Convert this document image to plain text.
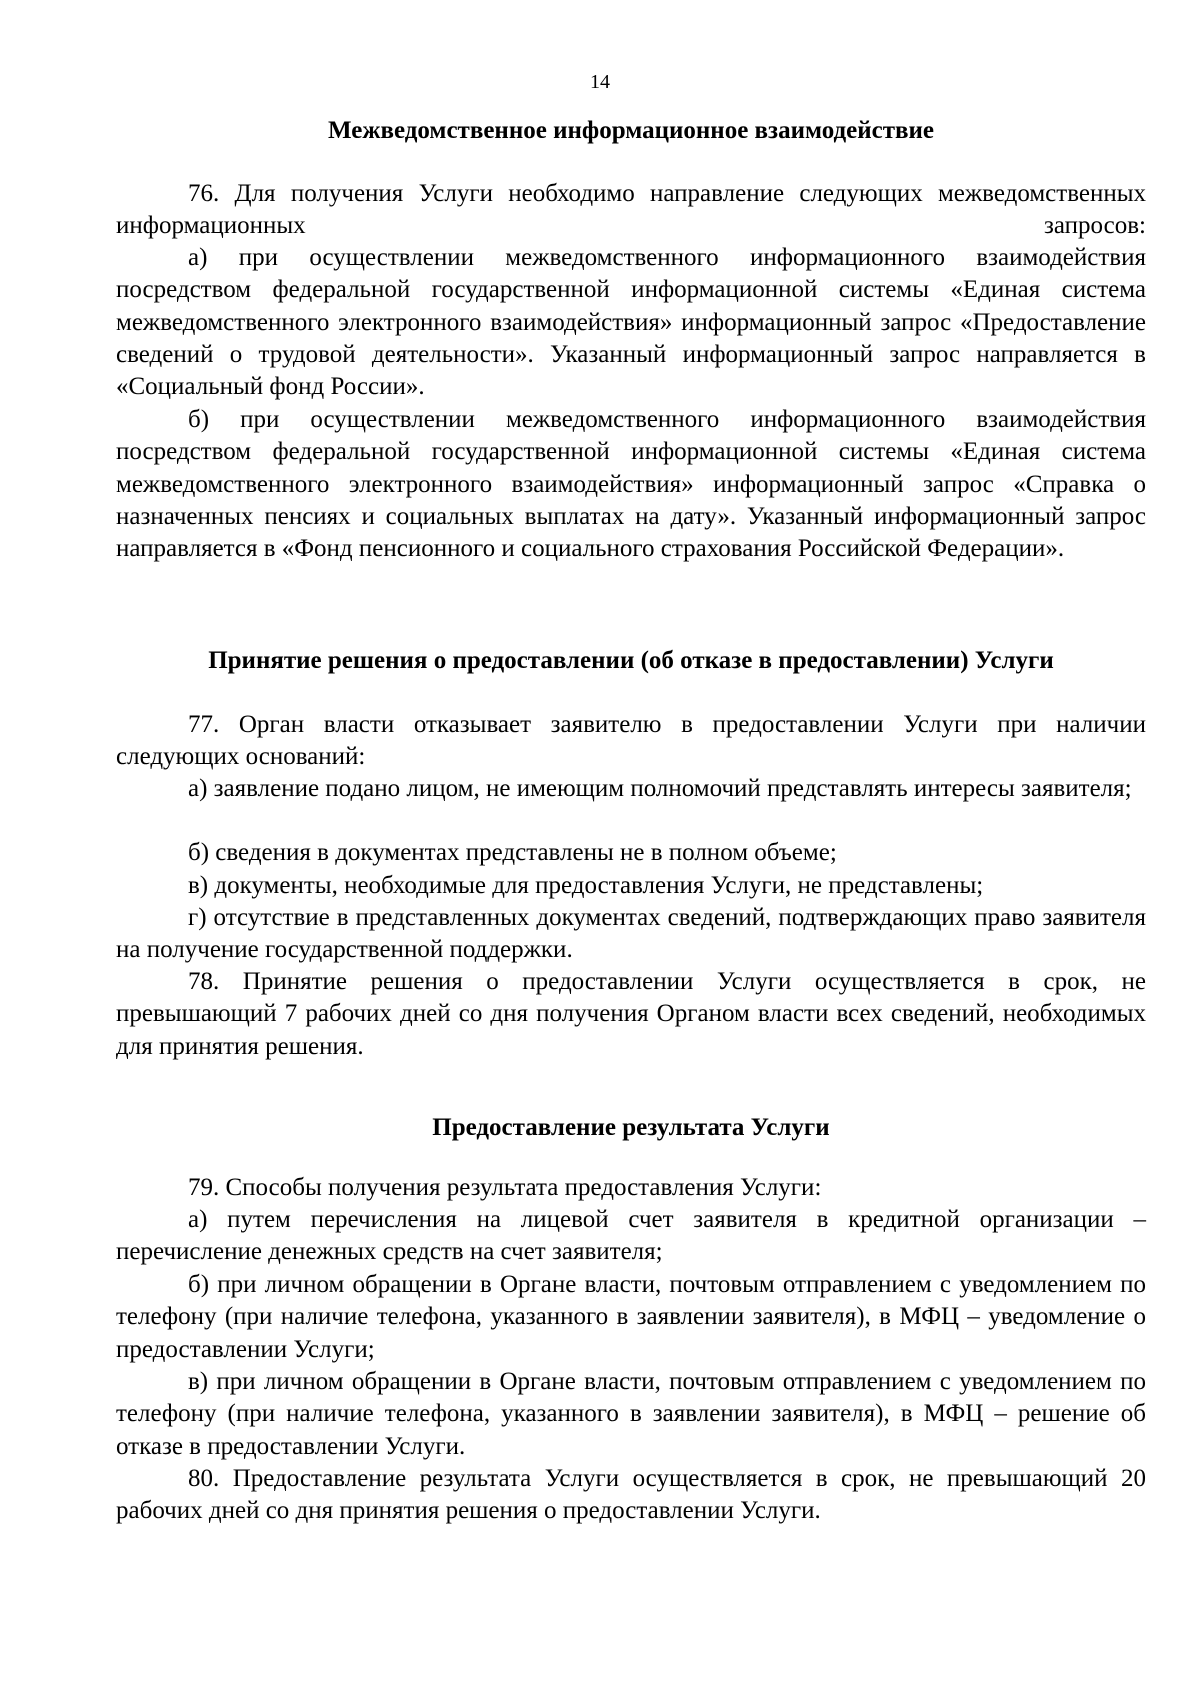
14
Межведомственное информационное взаимодействие
76. Для получения Услуги необходимо направление следующих межведомственных информационных запросов:
а) при осуществлении межведомственного информационного взаимодействия посредством федеральной государственной информационной системы «Единая система межведомственного электронного взаимодействия» информационный запрос «Предоставление сведений о трудовой деятельности». Указанный информационный запрос направляется в «Социальный фонд России».
б) при осуществлении межведомственного информационного взаимодействия посредством федеральной государственной информационной системы «Единая система межведомственного электронного взаимодействия» информационный запрос «Справка о назначенных пенсиях и социальных выплатах на дату». Указанный информационный запрос направляется в «Фонд пенсионного и социального страхования Российской Федерации».
Принятие решения о предоставлении (об отказе в предоставлении) Услуги
77. Орган власти отказывает заявителю в предоставлении Услуги при наличии следующих оснований:
а) заявление подано лицом, не имеющим полномочий представлять интересы заявителя;
б) сведения в документах представлены не в полном объеме;
в) документы, необходимые для предоставления Услуги, не представлены;
г) отсутствие в представленных документах сведений, подтверждающих право заявителя на получение государственной поддержки.
78. Принятие решения о предоставлении Услуги осуществляется в срок, не превышающий 7 рабочих дней со дня получения Органом власти всех сведений, необходимых для принятия решения.
Предоставление результата Услуги
79. Способы получения результата предоставления Услуги:
а) путем перечисления на лицевой счет заявителя в кредитной организации – перечисление денежных средств на счет заявителя;
б) при личном обращении в Органе власти, почтовым отправлением с уведомлением по телефону (при наличие телефона, указанного в заявлении заявителя), в МФЦ – уведомление о предоставлении Услуги;
в) при личном обращении в Органе власти, почтовым отправлением с уведомлением по телефону (при наличие телефона, указанного в заявлении заявителя), в МФЦ – решение об отказе в предоставлении Услуги.
80. Предоставление результата Услуги осуществляется в срок, не превышающий 20 рабочих дней со дня принятия решения о предоставлении Услуги.
